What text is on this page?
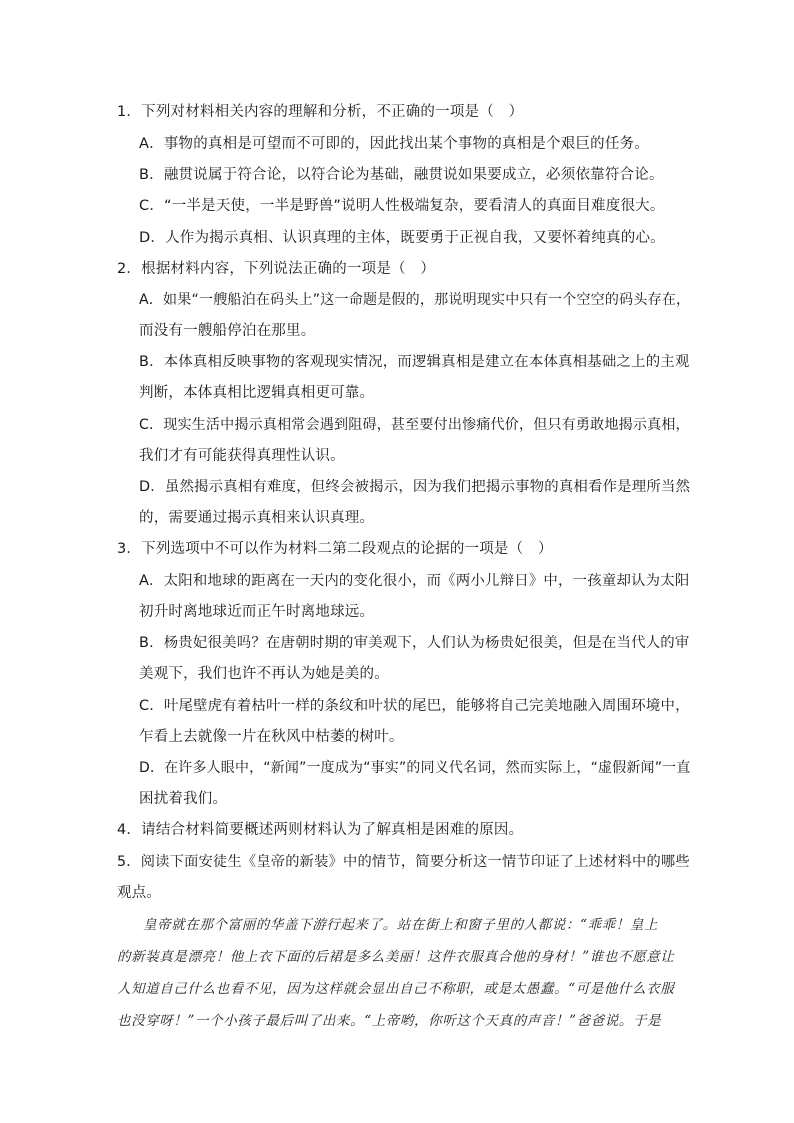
1．下列对材料相关内容的理解和分析，不正确的一项是（　）
A．事物的真相是可望而不可即的，因此找出某个事物的真相是个艰巨的任务。
B．融贯说属于符合论，以符合论为基础，融贯说如果要成立，必须依靠符合论。
C．“一半是天使，一半是野兽”说明人性极端复杂，要看清人的真面目难度很大。
D．人作为揭示真相、认识真理的主体，既要勇于正视自我，又要怀着纯真的心。
2．根据材料内容，下列说法正确的一项是（　）
A．如果“一艘船泊在码头上”这一命题是假的，那说明现实中只有一个空空的码头存在，
而没有一艘船停泊在那里。
B．本体真相反映事物的客观现实情况，而逻辑真相是建立在本体真相基础之上的主观
判断，本体真相比逻辑真相更可靠。
C．现实生活中揭示真相常会遇到阻碍，甚至要付出惨痛代价，但只有勇敢地揭示真相，
我们才有可能获得真理性认识。
D．虽然揭示真相有难度，但终会被揭示，因为我们把揭示事物的真相看作是理所当然
的，需要通过揭示真相来认识真理。
3．下列选项中不可以作为材料二第二段观点的论据的一项是（　）
A．太阳和地球的距离在一天内的变化很小，而《两小儿辩日》中，一孩童却认为太阳
初升时离地球近而正午时离地球远。
B．杨贵妃很美吗？在唐朝时期的审美观下，人们认为杨贵妃很美，但是在当代人的审
美观下，我们也许不再认为她是美的。
C．叶尾壁虎有着枯叶一样的条纹和叶状的尾巴，能够将自己完美地融入周围环境中，
乍看上去就像一片在秋风中枯萎的树叶。
D．在许多人眼中，“新闻”一度成为“事实”的同义代名词，然而实际上，“虚假新闻”一直
困扰着我们。
4．请结合材料简要概述两则材料认为了解真相是困难的原因。
5．阅读下面安徒生《皇帝的新装》中的情节，简要分析这一情节印证了上述材料中的哪些
观点。
皇帝就在那个富丽的华盖下游行起来了。站在街上和窗子里的人都说：“乖乖！皇上
的新装真是漂亮！他上衣下面的后裙是多么美丽！这件衣服真合他的身材！”谁也不愿意让
人知道自己什么也看不见，因为这样就会显出自己不称职，或是太愚蠢。“可是他什么衣服
也没穿呀！”一个小孩子最后叫了出来。“上帝哟，你听这个天真的声音！”爸爸说。于是
